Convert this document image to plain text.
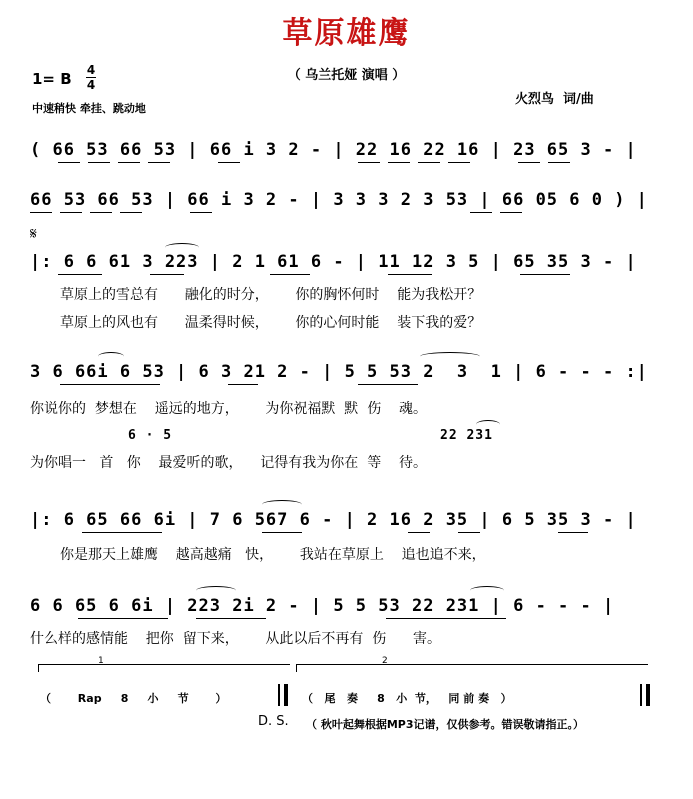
草原雄鹰
（ 乌兰托娅 演唱 ）
1= B 4
4
中速稍快 牵挂、跳动地
火烈鸟  词/曲
( 66 53 66 53 | 66 i 3 2 - | 22 16 22 16 | 23 65 3 - |
66 53 66 53 | 66 i 3 2 - | 3 3 3 2 3 53 | 66 05 6 0 ) |
𝄋
|: 6 6 61 3 223 | 2 1 61 6 - | 11 12 3 5 | 65 35 3 - |
草原上的雪总有      融化的时分，      你的胸怀何时    能为我松开？
草原上的风也有      温柔得时候，      你的心何时能    装下我的爱？
3 6 66i 6 53 | 6 3 21 2 - | 5 5 53 2  3  1 | 6 - - - :|
你说你的  梦想在    遥远的地方，      为你祝福默  默  伤    魂。
6 · 5	22 231
为你唱一   首   你    最爱听的歌，    记得有我为你在  等    待。
|: 6 65 66 6i | 7 6 567 6 - | 2 16 2 35 | 6 5 35 3 - |
你是那天上雄鹰    越高越痛   快，      我站在草原上    追也追不来，
6 6 65 6 6i | 223 2i 2 - | 5 5 53 22 231 | 6 - - - |
什么样的感情能    把你  留下来，      从此以后不再有  伤      害。
1	2
（       Rap     8     小     节       ）	（   尾   奏     8   小  节，   同 前 奏   ）
D. S. （ 秋叶起舞根据MP3记谱，仅供参考。错误敬请指正。）
